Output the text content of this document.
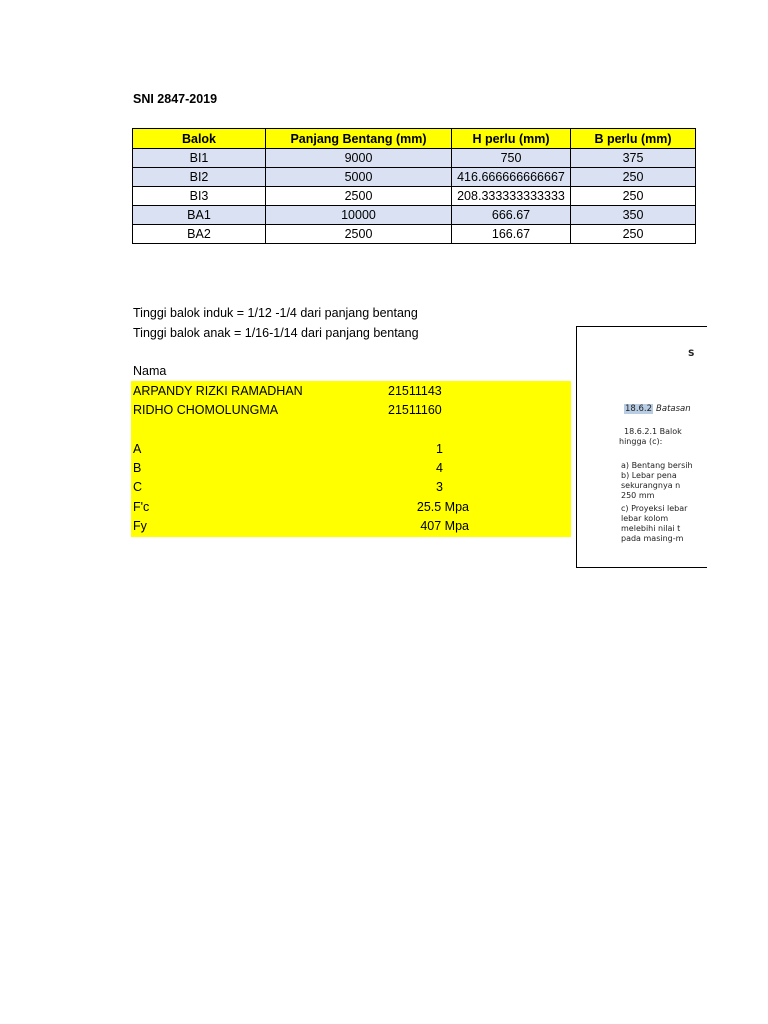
SNI 2847-2019
Balok	Panjang Bentang (mm)	H perlu (mm)	B perlu (mm)
BI1	9000	750	375
BI2	5000	416.666666666667	250
BI3	2500	208.333333333333	250
BA1	10000	666.67	350
BA2	2500	166.67	250
Tinggi balok induk = 1/12 -1/4 dari panjang bentang
Tinggi balok anak = 1/16-1/14 dari panjang bentang
Nama
ARPANDY RIZKI RAMADHAN	21511143
RIDHO CHOMOLUNGMA	21511160
A	1
B	4
C	3
F'c	25.5 Mpa
Fy	407 Mpa
S
18.6.2 Batasan
18.6.2.1 Balok
hingga (c):
a) Bentang bersih
b) Lebar pena
sekurangnya n
250 mm
c) Proyeksi lebar
lebar kolom
melebihi nilai t
pada masing-m
